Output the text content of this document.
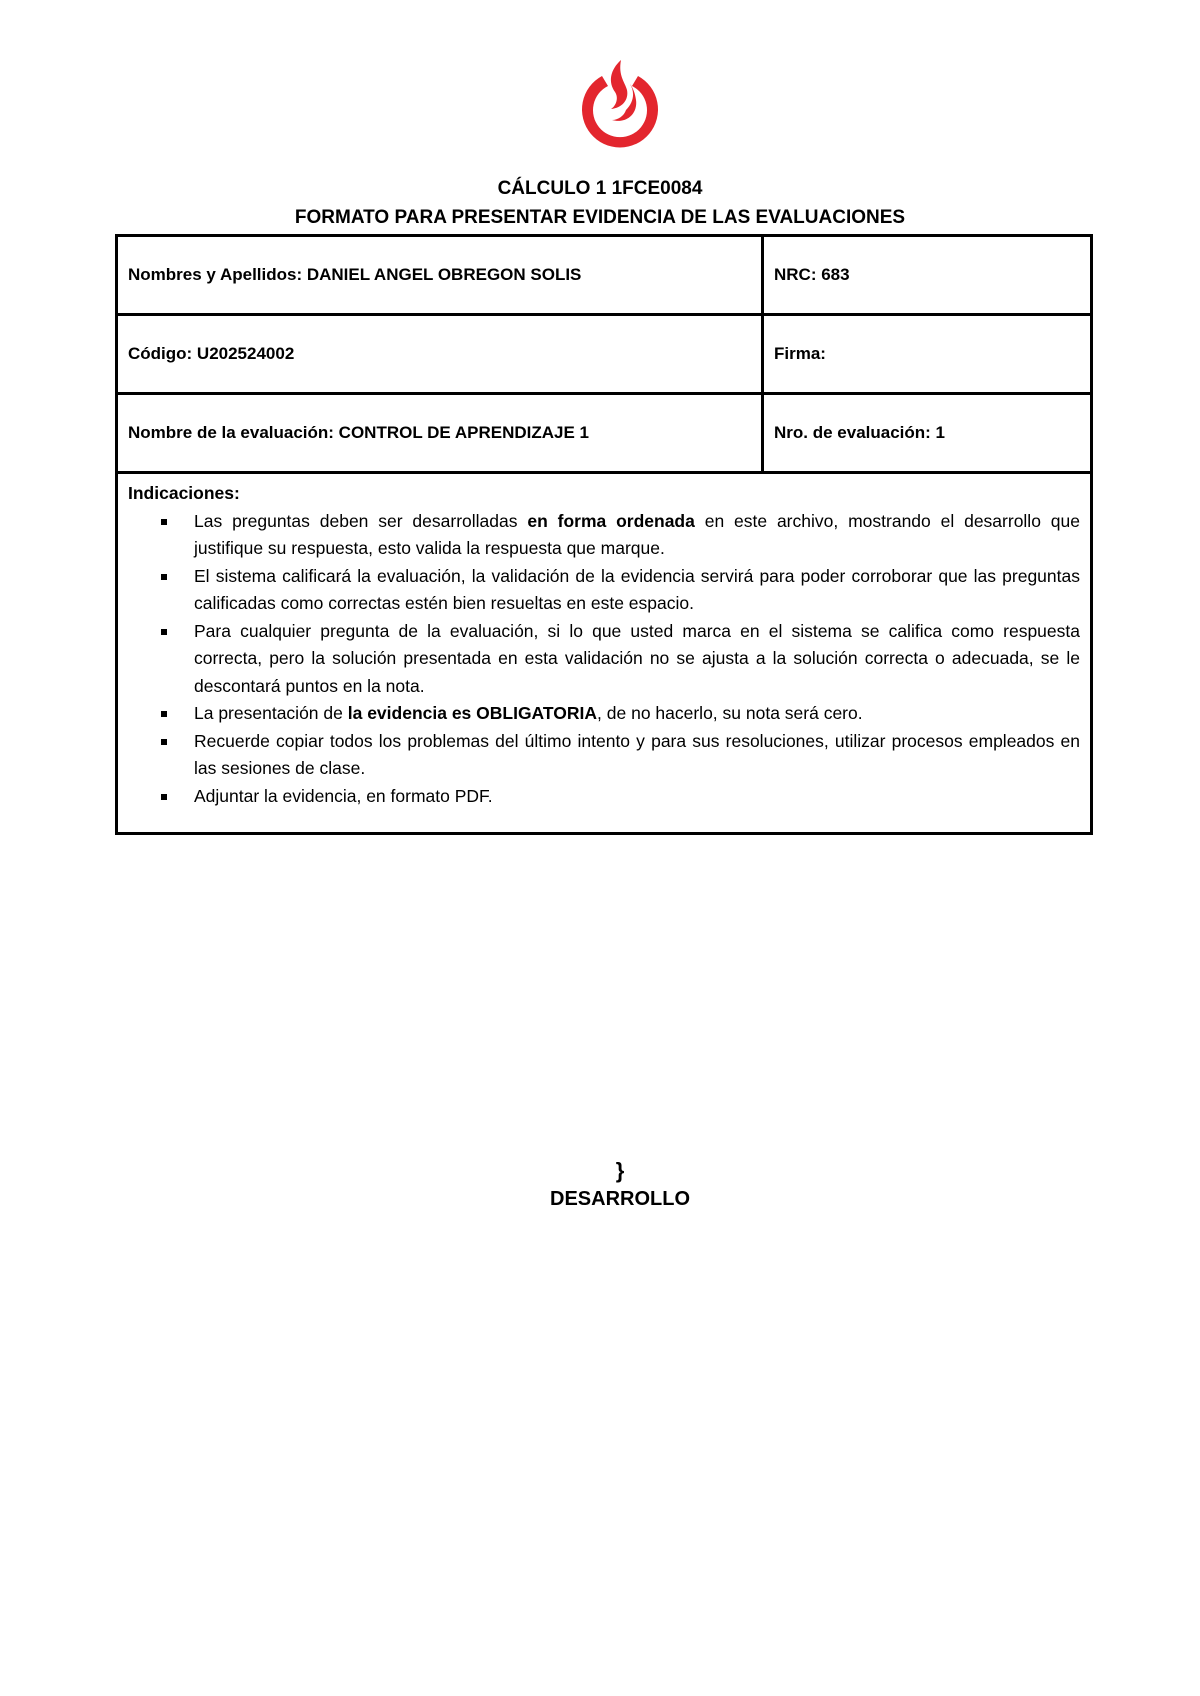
CÁLCULO 1 1FCE0084
FORMATO PARA PRESENTAR EVIDENCIA DE LAS EVALUACIONES
Nombres y Apellidos: DANIEL ANGEL OBREGON SOLIS	NRC: 683
Código: U202524002	Firma:
Nombre de la evaluación: CONTROL DE APRENDIZAJE 1	Nro. de evaluación: 1
Indicaciones:
Las preguntas deben ser desarrolladas en forma ordenada en este archivo, mostrando el desarrollo que justifique su respuesta, esto valida la respuesta que marque.
El sistema calificará la evaluación, la validación de la evidencia servirá para poder corroborar que las preguntas calificadas como correctas estén bien resueltas en este espacio.
Para cualquier pregunta de la evaluación, si lo que usted marca en el sistema se califica como respuesta correcta, pero la solución presentada en esta validación no se ajusta a la solución correcta o adecuada, se le descontará puntos en la nota.
La presentación de la evidencia es OBLIGATORIA, de no hacerlo, su nota será cero.
Recuerde copiar todos los problemas del último intento y para sus resoluciones, utilizar procesos empleados en las sesiones de clase.
Adjuntar la evidencia, en formato PDF.
}
DESARROLLO
